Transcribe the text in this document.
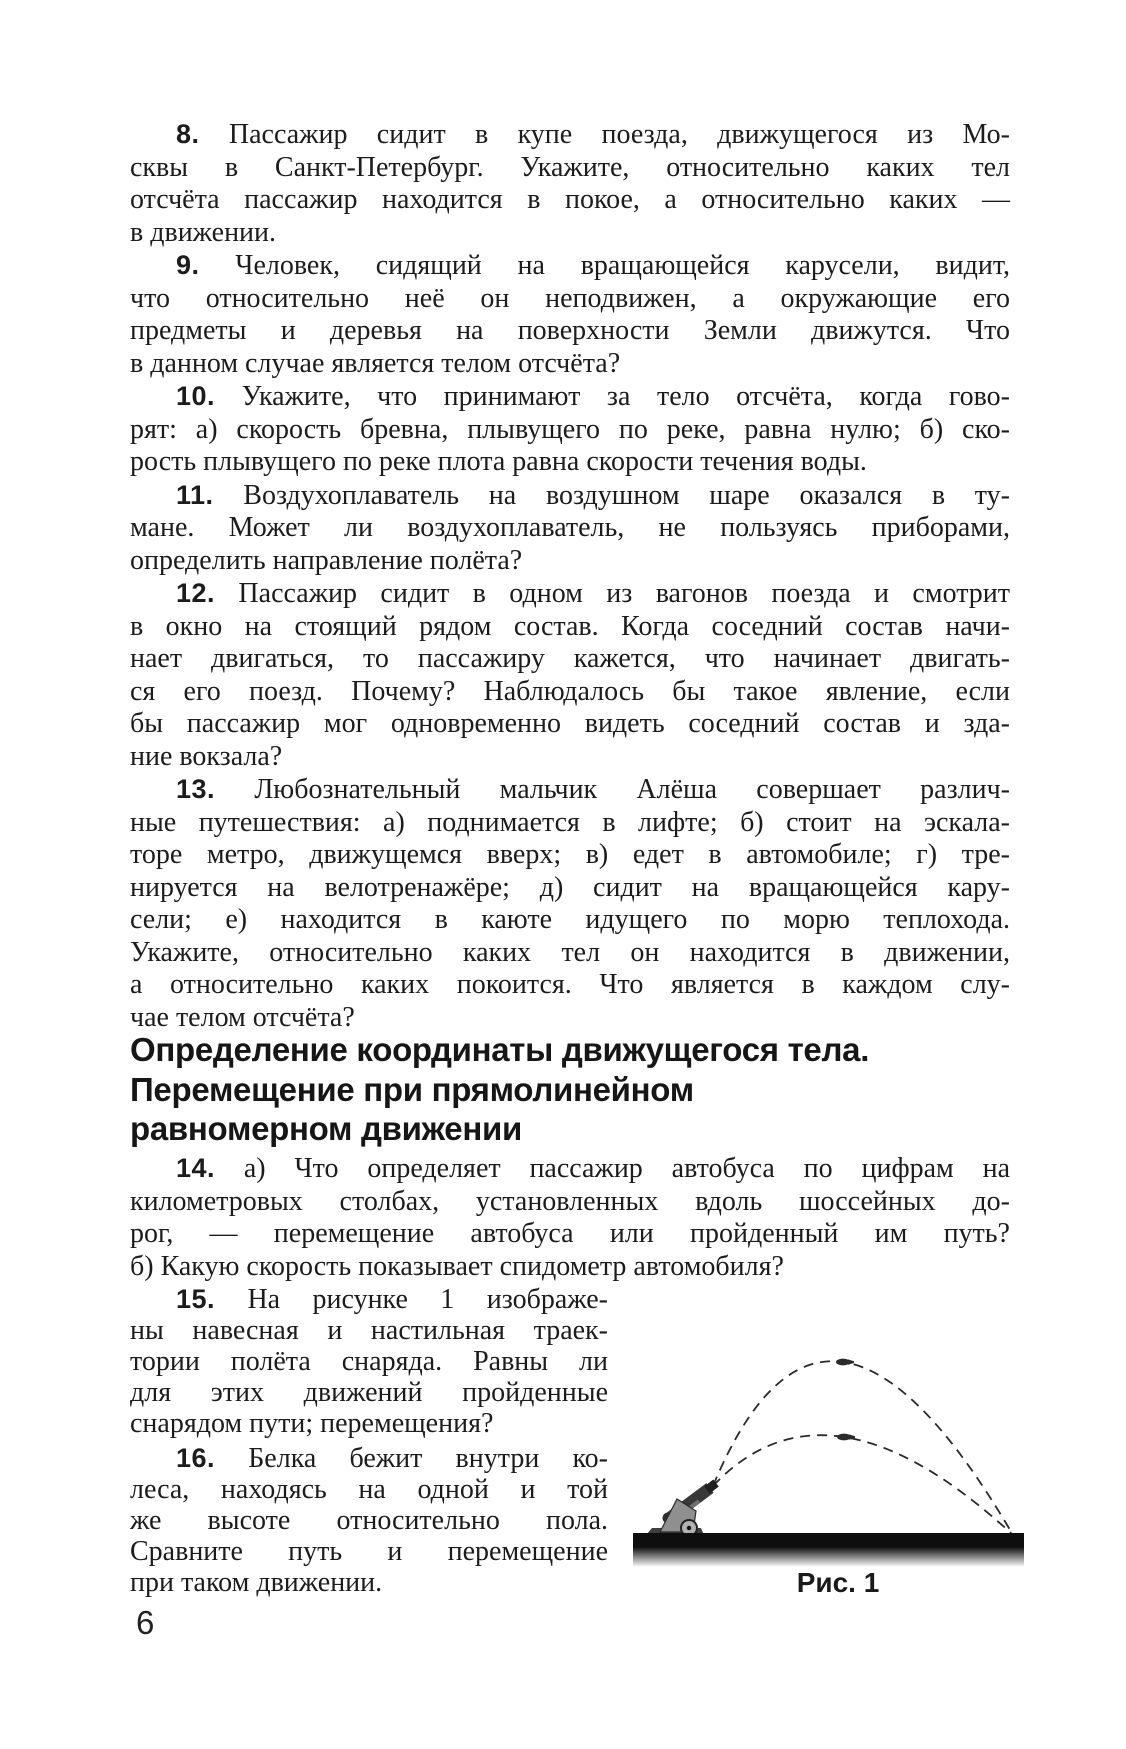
8. Пассажир сидит в купе поезда, движущегося из Мо-
сквы в Санкт-Петербург. Укажите, относительно каких тел
отсчёта пассажир находится в покое, а относительно каких —
в движении.
9. Человек, сидящий на вращающейся карусели, видит,
что относительно неё он неподвижен, а окружающие его
предметы и деревья на поверхности Земли движутся. Что
в данном случае является телом отсчёта?
10. Укажите, что принимают за тело отсчёта, когда гово-
рят: а) скорость бревна, плывущего по реке, равна нулю; б) ско-
рость плывущего по реке плота равна скорости течения воды.
11. Воздухоплаватель на воздушном шаре оказался в ту-
мане. Может ли воздухоплаватель, не пользуясь приборами,
определить направление полёта?
12. Пассажир сидит в одном из вагонов поезда и смотрит
в окно на стоящий рядом состав. Когда соседний состав начи-
нает двигаться, то пассажиру кажется, что начинает двигать-
ся его поезд. Почему? Наблюдалось бы такое явление, если
бы пассажир мог одновременно видеть соседний состав и зда-
ние вокзала?
13. Любознательный мальчик Алёша совершает различ-
ные путешествия: а) поднимается в лифте; б) стоит на эскала-
торе метро, движущемся вверх; в) едет в автомобиле; г) тре-
нируется на велотренажёре; д) сидит на вращающейся кару-
сели; е) находится в каюте идущего по морю теплохода.
Укажите, относительно каких тел он находится в движении,
а относительно каких покоится. Что является в каждом слу-
чае телом отсчёта?
Определение координаты движущегося тела.
Перемещение при прямолинейном
равномерном движении
14. а) Что определяет пассажир автобуса по цифрам на
километровых столбах, установленных вдоль шоссейных до-
рог, — перемещение автобуса или пройденный им путь?
б) Какую скорость показывает спидометр автомобиля?
15. На рисунке 1 изображе-
ны навесная и настильная траек-
тории полёта снаряда. Равны ли
для этих движений пройденные
снарядом пути; перемещения?
16. Белка бежит внутри ко-
леса, находясь на одной и той
же высоте относительно пола.
Сравните путь и перемещение
при таком движении.	Рис. 1
6
